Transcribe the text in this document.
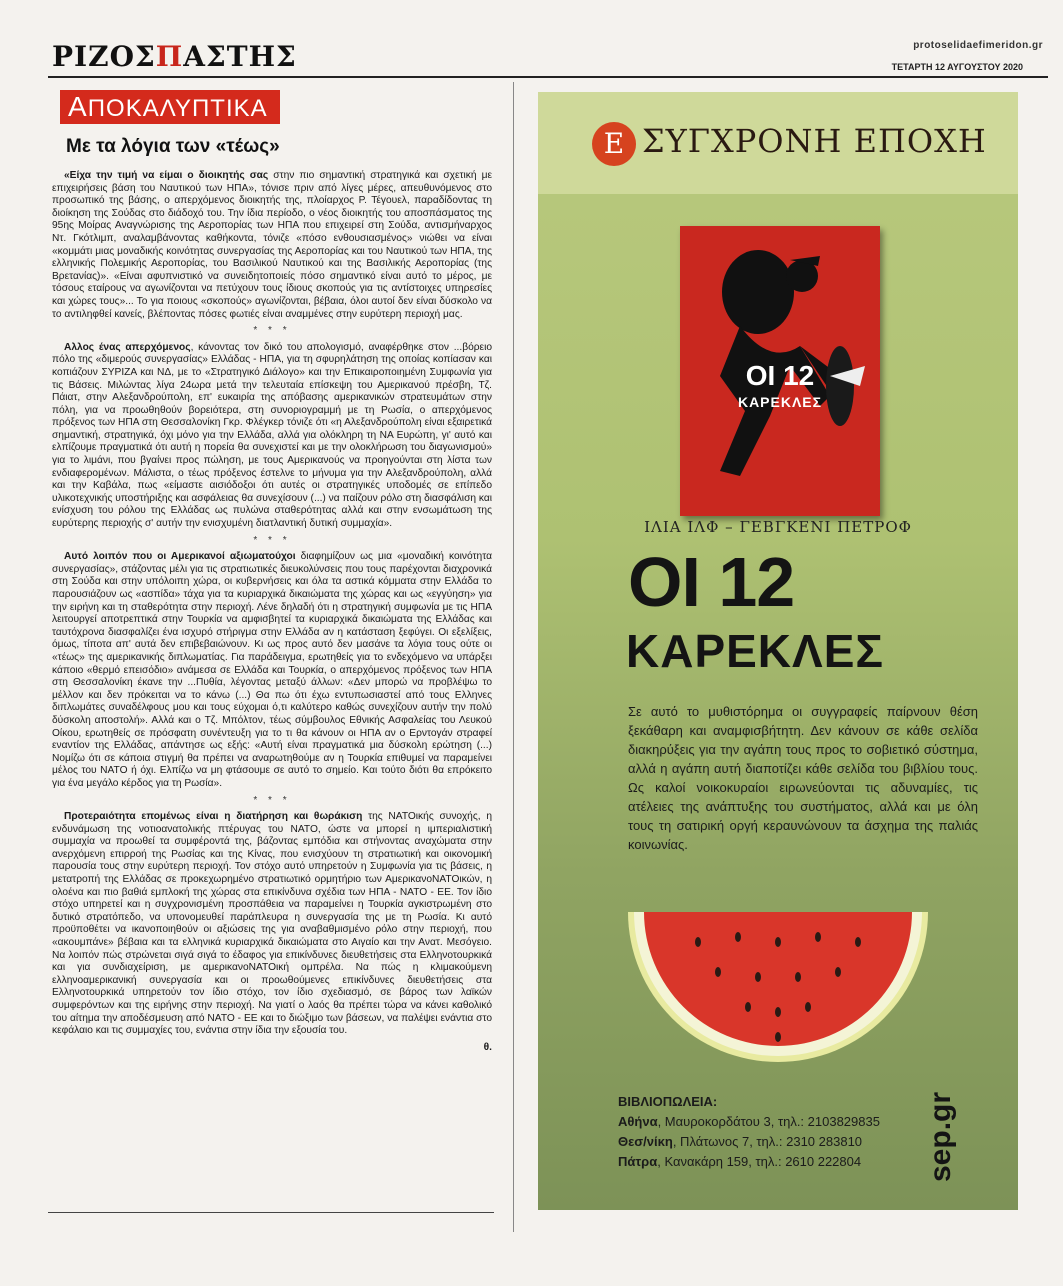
ΡΙΖΟΣΠΑΣΤΗΣ	protoselidaefimeridon.gr
ΤΕΤΑΡΤΗ 12 ΑΥΓΟΥΣΤΟΥ 2020
ΑΠΟΚΑΛΥΠΤΙΚΑ
Με τα λόγια των «τέως»

«Είχα την τιμή να είμαι ο διοικητής σας στην πιο σημαντική στρατηγικά και σχετική με επιχειρήσεις βάση του Ναυτικού των ΗΠΑ», τόνισε πριν από λίγες μέρες, απευθυνόμενος στο προσωπικό της βάσης, ο απερχόμενος διοικητής της, πλοίαρχος Ρ. Τέγουελ, παραδίδοντας τη διοίκηση της Σούδας στο διάδοχό του. Την ίδια περίοδο, ο νέος διοικητής του αποσπάσματος της 95ης Μοίρας Αναγνώρισης της Αεροπορίας των ΗΠΑ που επιχειρεί στη Σούδα, αντισμήναρχος Ντ. Γκότλιμπ, αναλαμβάνοντας καθήκοντα, τόνιζε «πόσο ενθουσιασμένος» νιώθει να είναι «κομμάτι μιας μοναδικής κοινότητας συνεργασίας της Αεροπορίας και του Ναυτικού των ΗΠΑ, της ελληνικής Πολεμικής Αεροπορίας, του Βασιλικού Ναυτικού και της Βασιλικής Αεροπορίας (της Βρετανίας)». «Είναι αφυπνιστικό να συνειδητοποιείς πόσο σημαντικό είναι αυτό το μέρος, με τόσους εταίρους να αγωνίζονται να πετύχουν τους ίδιους σκοπούς για τις αντίστοιχες υπηρεσίες και χώρες τους»... Το για ποιους «σκοπούς» αγωνίζονται, βέβαια, όλοι αυτοί δεν είναι δύσκολο να το αντιληφθεί κανείς, βλέποντας πόσες φωτιές είναι αναμμένες στην ευρύτερη περιοχή μας.

* * *

Αλλος ένας απερχόμενος, κάνοντας τον δικό του απολογισμό, αναφέρθηκε στον ...βόρειο πόλο της «διμερούς συνεργασίας» Ελλάδας - ΗΠΑ, για τη σφυρηλάτηση της οποίας κοπίασαν και κοπιάζουν ΣΥΡΙΖΑ και ΝΔ, με το «Στρατηγικό Διάλογο» και την Επικαιροποιημένη Συμφωνία για τις Βάσεις. Μιλώντας λίγα 24ωρα μετά την τελευταία επίσκεψη του Αμερικανού πρέσβη, Τζ. Πάιατ, στην Αλεξανδρούπολη, επ' ευκαιρία της απόβασης αμερικανικών στρατευμάτων στην πόλη, για να προωθηθούν βορειότερα, στη συνοριογραμμή με τη Ρωσία, ο απερχόμενος πρόξενος των ΗΠΑ στη Θεσσαλονίκη Γκρ. Φλέγκερ τόνιζε ότι «η Αλεξανδρούπολη είναι εξαιρετικά σημαντική, στρατηγικά, όχι μόνο για την Ελλάδα, αλλά για ολόκληρη τη ΝΑ Ευρώπη, γι' αυτό και ελπίζουμε πραγματικά ότι αυτή η πορεία θα συνεχιστεί και με την ολοκλήρωση του διαγωνισμού» για το λιμάνι, που βγαίνει προς πώληση, με τους Αμερικανούς να προηγούνται στη λίστα των ενδιαφερομένων. Μάλιστα, ο τέως πρόξενος έστελνε το μήνυμα για την Αλεξανδρούπολη, αλλά και την Καβάλα, πως «είμαστε αισιόδοξοι ότι αυτές οι στρατηγικές υποδομές σε επίπεδο υλικοτεχνικής υποστήριξης και ασφάλειας θα συνεχίσουν (...) να παίζουν ρόλο στη διασφάλιση και ενίσχυση του ρόλου της Ελλάδας ως πυλώνα σταθερότητας αλλά και στην ενσωμάτωση της ευρύτερης περιοχής σ' αυτήν την ενισχυμένη διατλαντική δυτική συμμαχία».

* * *

Αυτό λοιπόν που οι Αμερικανοί αξιωματούχοι διαφημίζουν ως μια «μοναδική κοινότητα συνεργασίας», στάζοντας μέλι για τις στρατιωτικές διευκολύνσεις που τους παρέχονται διαχρονικά στη Σούδα και στην υπόλοιπη χώρα, οι κυβερνήσεις και όλα τα αστικά κόμματα στην Ελλάδα το παρουσιάζουν ως «ασπίδα» τάχα για τα κυριαρχικά δικαιώματα της χώρας και ως «εγγύηση» για την ειρήνη και τη σταθερότητα στην περιοχή. Λένε δηλαδή ότι η στρατηγική συμφωνία με τις ΗΠΑ λειτουργεί αποτρεπτικά στην Τουρκία να αμφισβητεί τα κυριαρχικά δικαιώματα της Ελλάδας και ταυτόχρονα διασφαλίζει ένα ισχυρό στήριγμα στην Ελλάδα αν η κατάσταση ξεφύγει. Οι εξελίξεις, όμως, τίποτα απ' αυτά δεν επιβεβαιώνουν. Κι ως προς αυτό δεν μασάνε τα λόγια τους ούτε οι «τέως» της αμερικανικής διπλωματίας. Για παράδειγμα, ερωτηθείς για το ενδεχόμενο να υπάρξει κάποιο «θερμό επεισόδιο» ανάμεσα σε Ελλάδα και Τουρκία, ο απερχόμενος πρόξενος των ΗΠΑ στη Θεσσαλονίκη έκανε την ...Πυθία, λέγοντας μεταξύ άλλων: «Δεν μπορώ να προβλέψω το μέλλον και δεν πρόκειται να το κάνω (...) Θα πω ότι έχω εντυπωσιαστεί από τους Ελληνες διπλωμάτες συναδέλφους μου και τους εύχομαι ό,τι καλύτερο καθώς συνεχίζουν αυτήν την πολύ δύσκολη αποστολή». Αλλά και ο Τζ. Μπόλτον, τέως σύμβουλος Εθνικής Ασφαλείας του Λευκού Οίκου, ερωτηθείς σε πρόσφατη συνέντευξη για το τι θα κάνουν οι ΗΠΑ αν ο Ερντογάν στραφεί εναντίον της Ελλάδας, απάντησε ως εξής: «Αυτή είναι πραγματικά μια δύσκολη ερώτηση (...) Νομίζω ότι σε κάποια στιγμή θα πρέπει να αναρωτηθούμε αν η Τουρκία επιθυμεί να παραμείνει μέλος του ΝΑΤΟ ή όχι. Ελπίζω να μη φτάσουμε σε αυτό το σημείο. Και τούτο διότι θα επρόκειτο για ένα μεγάλο κέρδος για τη Ρωσία».

* * *

Προτεραιότητα επομένως είναι η διατήρηση και θωράκιση της ΝΑΤΟικής συνοχής, η ενδυνάμωση της νοτιοανατολικής πτέρυγας του ΝΑΤΟ, ώστε να μπορεί η ιμπεριαλιστική συμμαχία να προωθεί τα συμφέροντά της, βάζοντας εμπόδια και στήνοντας αναχώματα στην ανερχόμενη επιρροή της Ρωσίας και της Κίνας, που ενισχύουν τη στρατιωτική και οικονομική παρουσία τους στην ευρύτερη περιοχή. Τον στόχο αυτό υπηρετούν η Συμφωνία για τις βάσεις, η μετατροπή της Ελλάδας σε προκεχωρημένο στρατιωτικό ορμητήριο των ΑμερικανοΝΑΤΟικών, η ολοένα και πιο βαθιά εμπλοκή της χώρας στα επικίνδυνα σχέδια των ΗΠΑ - ΝΑΤΟ - ΕΕ. Τον ίδιο στόχο υπηρετεί και η συγχρονισμένη προσπάθεια να παραμείνει η Τουρκία αγκιστρωμένη στο δυτικό στρατόπεδο, να υπονομευθεί παράπλευρα η συνεργασία της με τη Ρωσία. Κι αυτό προϋποθέτει να ικανοποιηθούν οι αξιώσεις της για αναβαθμισμένο ρόλο στην περιοχή, που «ακουμπάνε» βέβαια και τα ελληνικά κυριαρχικά δικαιώματα στο Αιγαίο και την Ανατ. Μεσόγειο. Να λοιπόν πώς στρώνεται σιγά σιγά το έδαφος για επικίνδυνες διευθετήσεις στα Ελληνοτουρκικά και για συνδιαχείριση, με αμερικανοΝΑΤΟική ομπρέλα. Να πώς η κλιμακούμενη ελληνοαμερικανική συνεργασία και οι προωθούμενες επικίνδυνες διευθετήσεις στα Ελληνοτουρκικά υπηρετούν τον ίδιο στόχο, τον ίδιο σχεδιασμό, σε βάρος των λαϊκών συμφερόντων και της ειρήνης στην περιοχή. Να γιατί ο λαός θα πρέπει τώρα να κάνει καθολικό του αίτημα την αποδέσμευση από ΝΑΤΟ - ΕΕ και το διώξιμο των βάσεων, να παλέψει ενάντια στο κεφάλαιο και τις συμμαχίες του, ενάντια στην ίδια την εξουσία του.

θ.
Ε ΣΥΓΧΡΟΝΗ ΕΠΟΧΗ
ΟΙ 12
ΚΑΡΕΚΛΕΣ
ΙΛΙΑ ΙΛΦ – ΓΕΒΓΚΕΝΙ ΠΕΤΡΟΦ
ΟΙ 12
ΚΑΡΕΚΛΕΣ
Σε αυτό το μυθιστόρημα οι συγγραφείς παίρνουν θέση ξεκάθαρη και αναμφισβήτητη. Δεν κάνουν σε κάθε σελίδα διακηρύξεις για την αγάπη τους προς το σοβιετικό σύστημα, αλλά η αγάπη αυτή διαποτίζει κάθε σελίδα του βιβλίου τους. Ως καλοί νοικοκυραίοι ειρωνεύονται τις αδυναμίες, τις ατέλειες της ανάπτυξης του συστήματος, αλλά και με όλη τους τη σατιρική οργή κεραυνώνουν τα άσχημα της παλιάς κοινωνίας.
ΒΙΒΛΙΟΠΩΛΕΙΑ:
Αθήνα, Μαυροκορδάτου 3, τηλ.: 2103829835
Θεσ/νίκη, Πλάτωνος 7, τηλ.: 2310 283810
Πάτρα, Κανακάρη 159, τηλ.: 2610 222804	sep.gr
